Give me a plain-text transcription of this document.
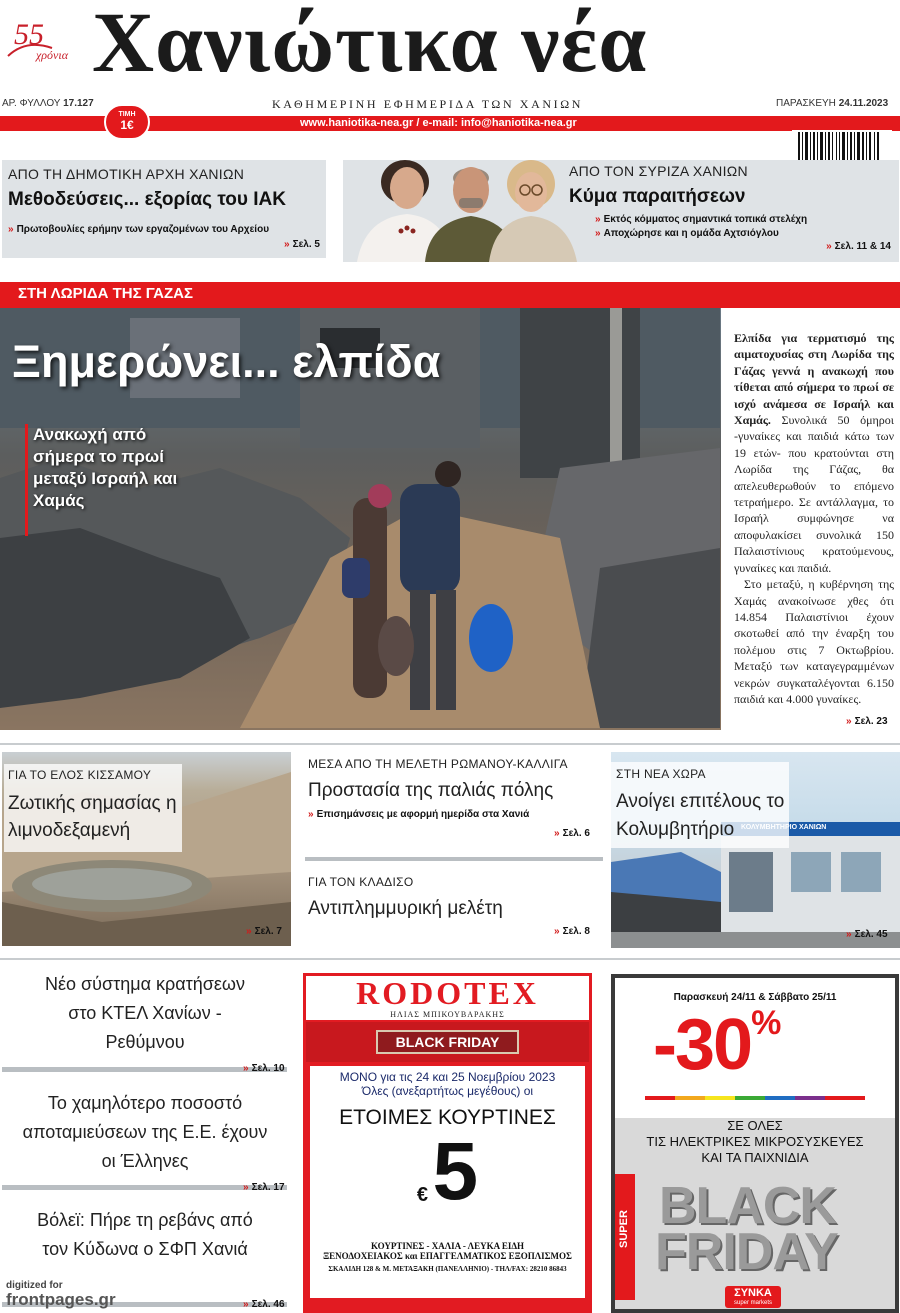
55
χρόνια Χανιώτικα νέα
ΑΡ. ΦΥΛΛΟΥ 17.127	ΚΑΘΗΜΕΡΙΝΗ ΕΦΗΜΕΡΙΔΑ ΤΩΝ ΧΑΝΙΩΝ	ΠΑΡΑΣΚΕΥΗ 24.11.2023
www.haniotika-nea.gr / e-mail: info@haniotika-nea.gr
ΤΙΜΗ
1€
ΑΠΟ ΤΗ ΔΗΜΟΤΙΚΗ ΑΡΧΗ ΧΑΝΙΩΝ
Μεθοδεύσεις... εξορίας του ΙΑΚ
» Πρωτοβουλίες ερήμην των εργαζομένων του Αρχείου
» Σελ. 5
ΑΠΟ ΤΟΝ ΣΥΡΙΖΑ ΧΑΝΙΩΝ
Κύμα παραιτήσεων
» Εκτός κόμματος σημαντικά τοπικά στελέχη
» Αποχώρησε και η ομάδα Αχτσιόγλου
» Σελ. 11 & 14
ΣΤΗ ΛΩΡΙΔΑ ΤΗΣ ΓΑΖΑΣ
Ξημερώνει... ελπίδα
Ανακωχή από σήμερα το πρωί μεταξύ Ισραήλ και Χαμάς

Ελπίδα για τερματισμό της αιματοχυσίας στη Λωρίδα της Γάζας γεννά η ανακωχή που τίθεται από σήμερα το πρωί σε ισχύ ανάμεσα σε Ισραήλ και Χαμάς. Συνολικά 50 όμηροι -γυναίκες και παιδιά κάτω των 19 ετών- που κρατούνται στη Λωρίδα της Γάζας, θα απελευθερωθούν το επόμενο τετραήμερο. Σε αντάλλαγμα, το Ισραήλ συμφώνησε να αποφυλακίσει συνολικά 150 Παλαιστίνιους κρατούμενους, γυναίκες και παιδιά.

Στο μεταξύ, η κυβέρνηση της Χαμάς ανακοίνωσε χθες ότι 14.854 Παλαιστίνιοι έχουν σκοτωθεί από την έναρξη του πολέμου στις 7 Οκτωβρίου. Μεταξύ των καταγεγραμμένων νεκρών συγκαταλέγονται 6.150 παιδιά και 4.000 γυναίκες.

» Σελ. 23
ΓΙΑ ΤΟ ΕΛΟΣ ΚΙΣΣΑΜΟΥ
Ζωτικής σημασίας η λιμνοδεξαμενή
» Σελ. 7
ΜΕΣΑ ΑΠΟ ΤΗ ΜΕΛΕΤΗ ΡΩΜΑΝΟΥ-ΚΑΛΛΙΓΑ
Προστασία της παλιάς πόλης
» Επισημάνσεις με αφορμή ημερίδα στα Χανιά
» Σελ. 6
ΓΙΑ ΤΟΝ ΚΛΑΔΙΣΟ
Αντιπλημμυρική μελέτη
» Σελ. 8
ΚΟΛΥΜΒΗΤΗΡΙΟ ΧΑΝΙΩΝ
ΣΤΗ ΝΕΑ ΧΩΡΑ
Ανοίγει επιτέλους το Κολυμβητήριο
» Σελ. 45
Νέο σύστημα κρατήσεων στο ΚΤΕΛ Χανίων - Ρεθύμνου
» Σελ. 10
Το χαμηλότερο ποσοστό αποταμιεύσεων της Ε.Ε. έχουν οι Έλληνες
» Σελ. 17
Βόλεϊ: Πήρε τη ρεβάνς από τον Κύδωνα ο ΣΦΠ Χανιά
» Σελ. 46
RODOTEX
ΗΛΙΑΣ ΜΠΙΚΟΥΒΑΡΑΚΗΣ
BLACK FRIDAY
ΜΟΝΟ για τις 24 και 25 Νοεμβρίου 2023
Όλες (ανεξαρτήτως μεγέθους) οι
ΕΤΟΙΜΕΣ ΚΟΥΡΤΙΝΕΣ
€ 5
ΚΟΥΡΤΙΝΕΣ - ΧΑΛΙΑ - ΛΕΥΚΑ ΕΙΔΗ
ΞΕΝΟΔΟΧΕΙΑΚΟΣ και ΕΠΑΓΓΕΛΜΑΤΙΚΟΣ ΕΞΟΠΛΙΣΜΟΣ
ΣΚΑΛΙΔΗ 128 & Μ. ΜΕΤΑΞΑΚΗ (ΠΑΝΕΛΛΗΝΙΟ) - ΤΗΛ/FAX: 28210 86843
Παρασκευή 24/11 & Σάββατο 25/11
-30%
ΣΕ ΟΛΕΣ
ΤΙΣ ΗΛΕΚΤΡΙΚΕΣ ΜΙΚΡΟΣΥΣΚΕΥΕΣ
ΚΑΙ ΤΑ ΠΑΙΧΝΙΔΙΑ
SUPER BLACK
FRIDAY
ΣΥΝΚΑ
super markets
digitized for
frontpages.gr
